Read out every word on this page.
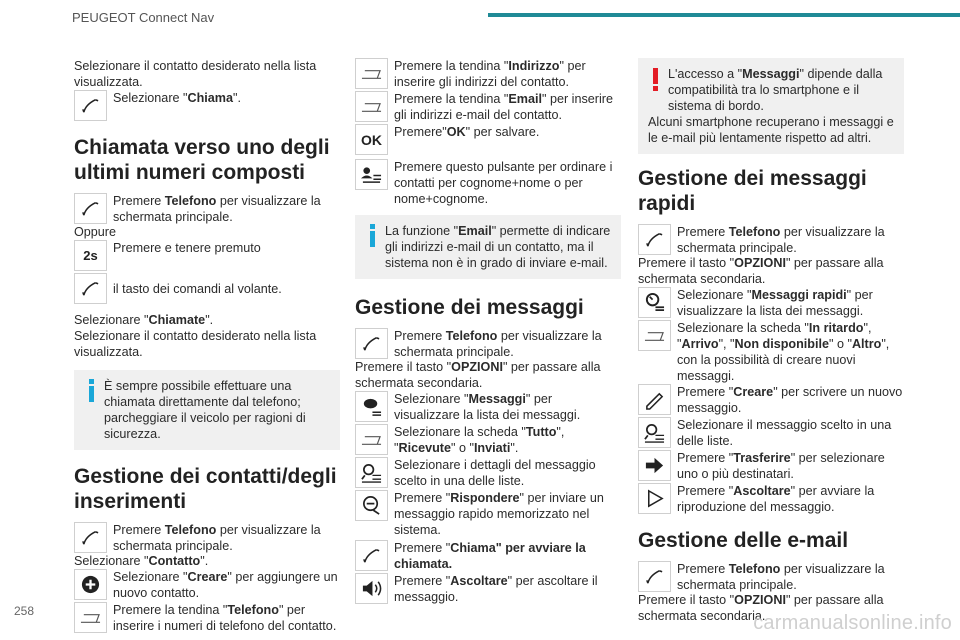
PEUGEOT Connect Nav
Selezionare il contatto desiderato nella lista visualizzata.
Selezionare "Chiama".
Chiamata verso uno degli ultimi numeri composti
Premere Telefono per visualizzare la schermata principale.
Oppure
2s Premere e tenere premuto
il tasto dei comandi al volante.
Selezionare "Chiamate".
Selezionare il contatto desiderato nella lista visualizzata.
È sempre possibile effettuare una chiamata direttamente dal telefono; parcheggiare il veicolo per ragioni di sicurezza.
Gestione dei contatti/degli inserimenti
Premere Telefono per visualizzare la schermata principale.
Selezionare "Contatto".
Selezionare "Creare" per aggiungere un nuovo contatto.
Premere la tendina "Telefono" per inserire i numeri di telefono del contatto.
Premere la tendina "Indirizzo" per inserire gli indirizzi del contatto.
Premere la tendina "Email" per inserire gli indirizzi e-mail del contatto.
OK Premere"OK" per salvare.
Premere questo pulsante per ordinare i contatti per cognome+nome o per nome+cognome.
La funzione "Email" permette di indicare gli indirizzi e-mail di un contatto, ma il sistema non è in grado di inviare e-mail.
Gestione dei messaggi
Premere Telefono per visualizzare la schermata principale.
Premere il tasto "OPZIONI" per passare alla schermata secondaria.
Selezionare "Messaggi" per visualizzare la lista dei messaggi.
Selezionare la scheda "Tutto", "Ricevute" o "Inviati".
Selezionare i dettagli del messaggio scelto in una delle liste.
Premere "Rispondere" per inviare un messaggio rapido memorizzato nel sistema.
Premere "Chiama" per avviare la chiamata.
Premere "Ascoltare" per ascoltare il messaggio.
L'accesso a "Messaggi" dipende dalla compatibilità tra lo smartphone e il sistema di bordo.
Alcuni smartphone recuperano i messaggi e le e-mail più lentamente rispetto ad altri.
Gestione dei messaggi rapidi
Premere Telefono per visualizzare la schermata principale.
Premere il tasto "OPZIONI" per passare alla schermata secondaria.
Selezionare "Messaggi rapidi" per visualizzare la lista dei messaggi.
Selezionare la scheda "In ritardo", "Arrivo", "Non disponibile" o "Altro", con la possibilità di creare nuovi messaggi.
Premere "Creare" per scrivere un nuovo messaggio.
Selezionare il messaggio scelto in una delle liste.
Premere "Trasferire" per selezionare uno o più destinatari.
Premere "Ascoltare" per avviare la riproduzione del messaggio.
Gestione delle e-mail
Premere Telefono per visualizzare la schermata principale.
Premere il tasto "OPZIONI" per passare alla schermata secondaria.
258
carmanualsonline.info
